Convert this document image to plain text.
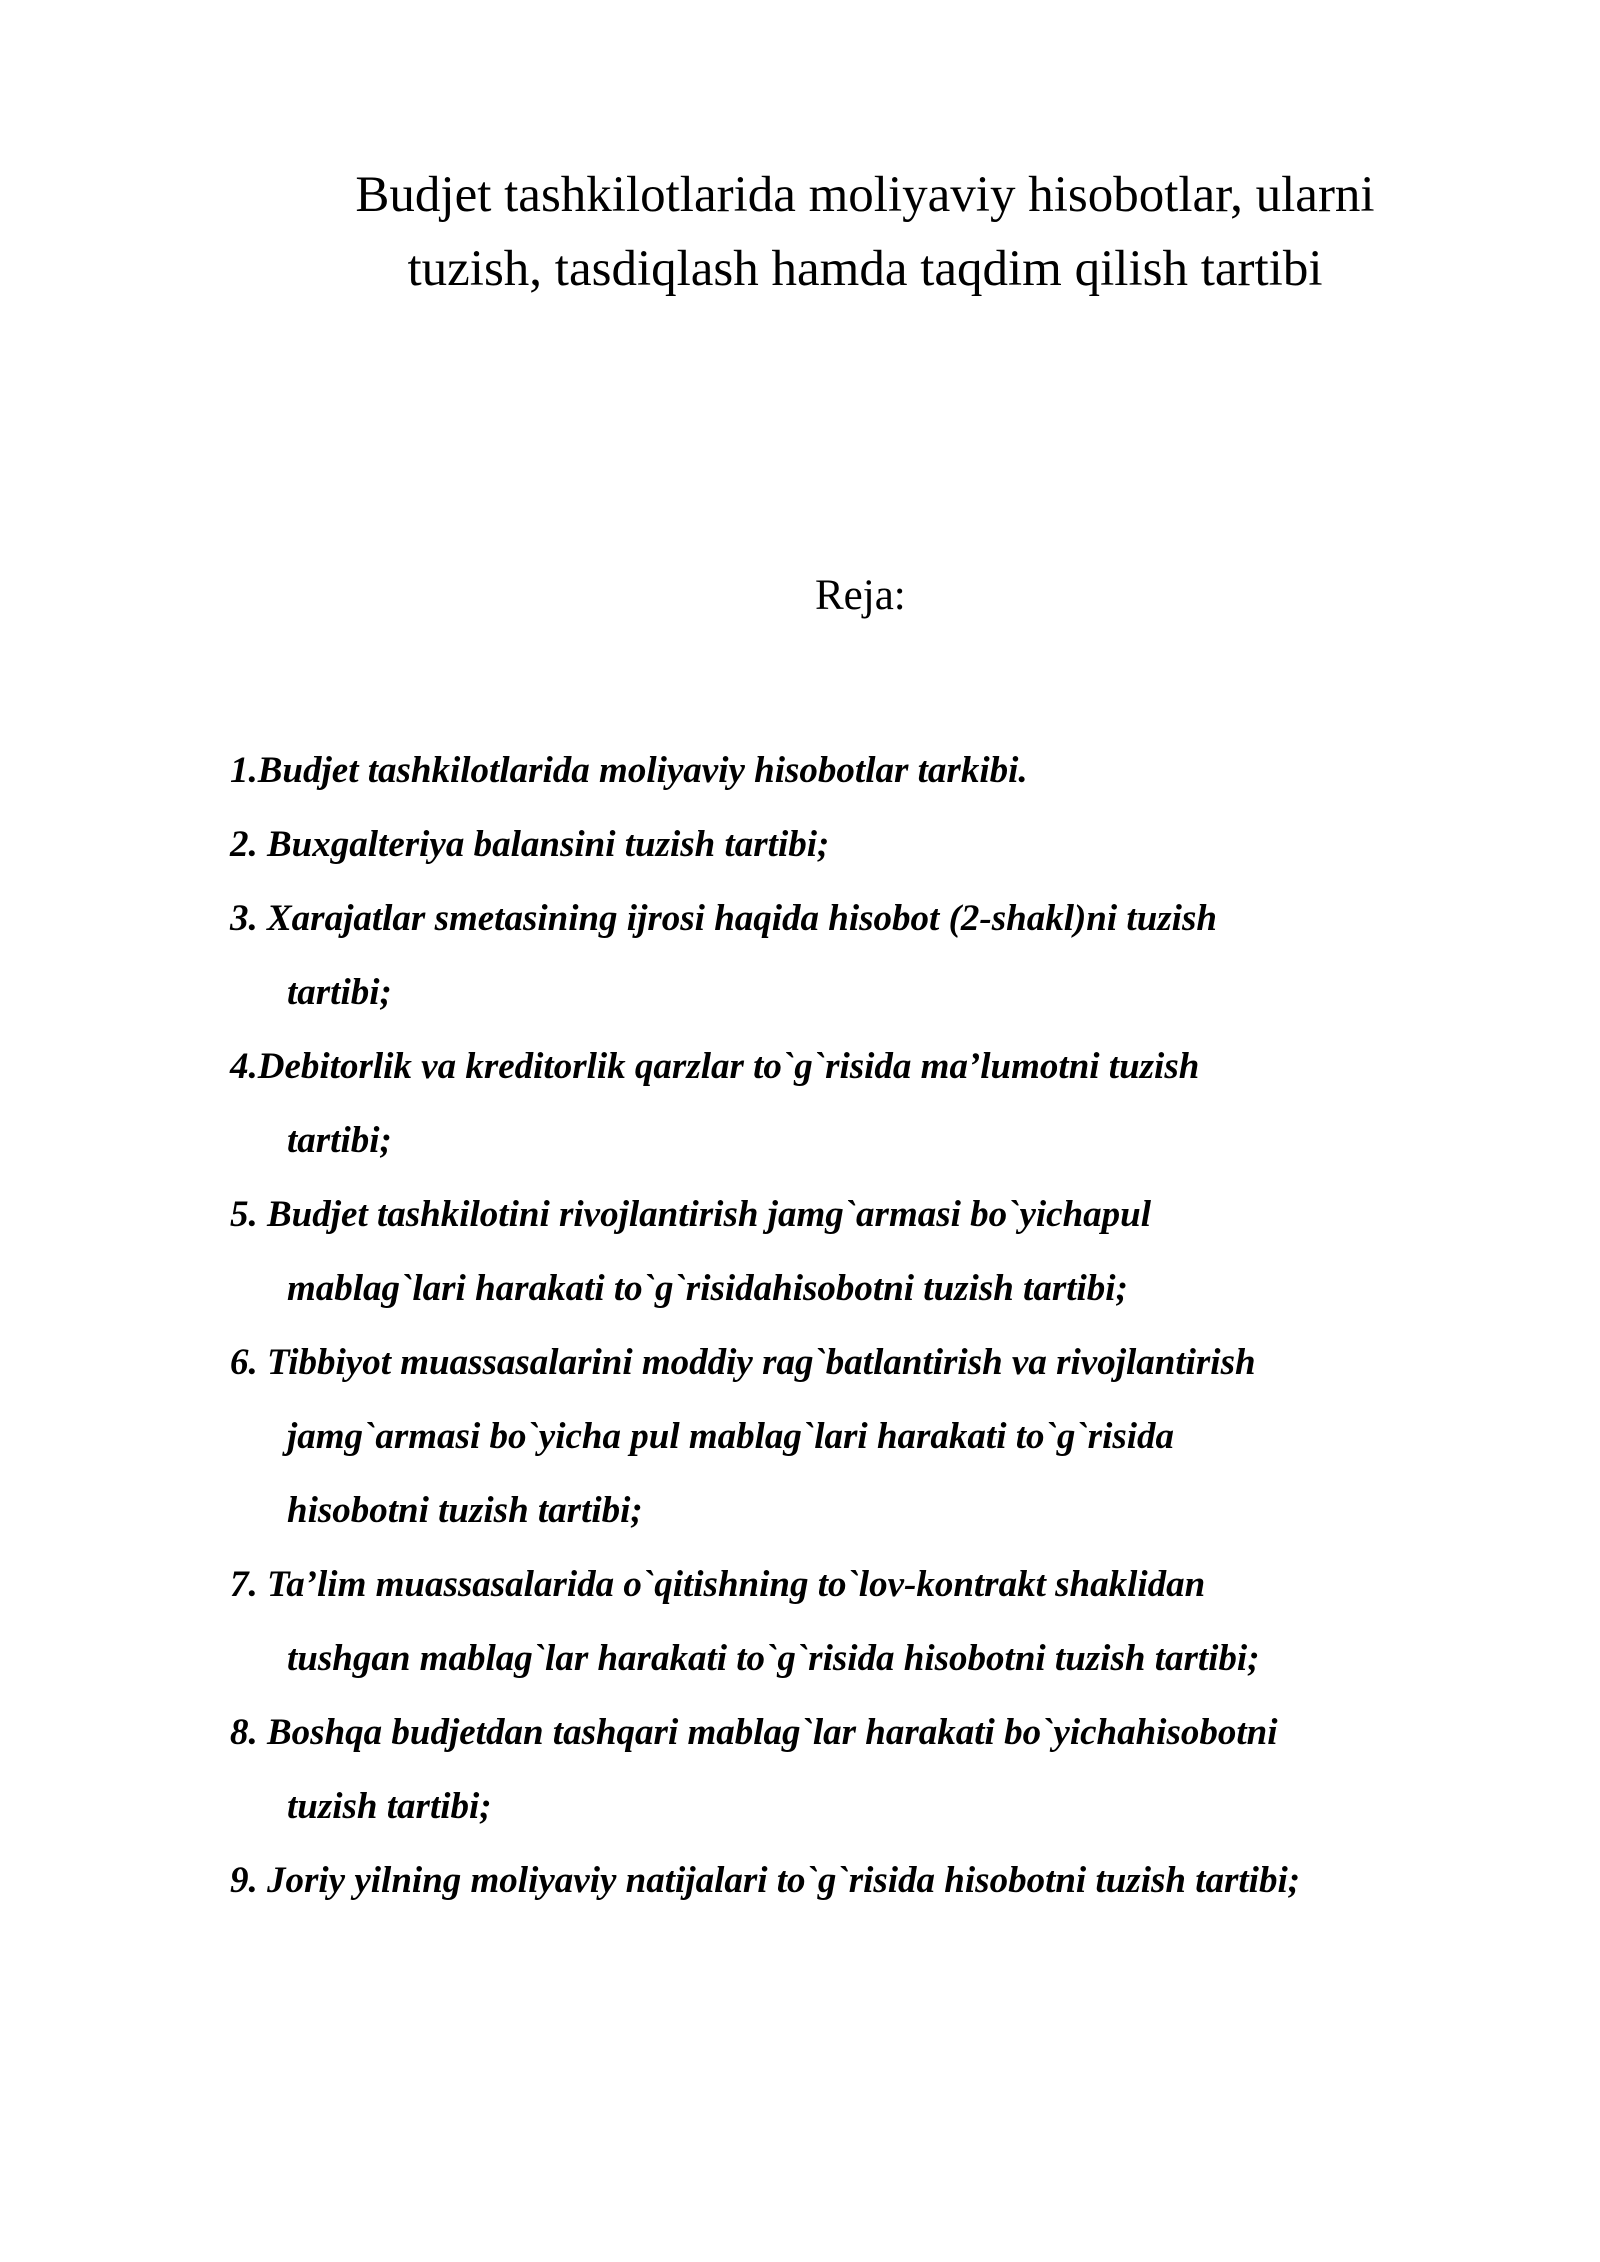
Budjet tashkilotlarida moliyaviy hisobotlar, ularni
tuzish, tasdiqlash hamda taqdim qilish tartibi
Reja:
1.Budjet tashkilotlarida moliyaviy hisobotlar tarkibi.
2. Buxgalteriya balansini tuzish tartibi;
3. Xarajatlar smetasining ijrosi haqida hisobot (2-shakl)ni tuzish
tartibi;
4.Debitorlik va kreditorlik qarzlar to`g`risida ma’lumotni tuzish
tartibi;
5. Budjet tashkilotini rivojlantirish jamg`armasi bo`yichapul
mablag`lari harakati to`g`risidahisobotni tuzish tartibi;
6. Tibbiyot muassasalarini moddiy rag`batlantirish va rivojlantirish
jamg`armasi bo`yicha pul mablag`lari harakati to`g`risida
hisobotni tuzish tartibi;
7. Ta’lim muassasalarida o`qitishning to`lov-kontrakt shaklidan
tushgan mablag`lar harakati to`g`risida hisobotni tuzish tartibi;
8. Boshqa budjetdan tashqari mablag`lar harakati bo`yichahisobotni
tuzish tartibi;
9. Joriy yilning moliyaviy natijalari to`g`risida hisobotni tuzish tartibi;
